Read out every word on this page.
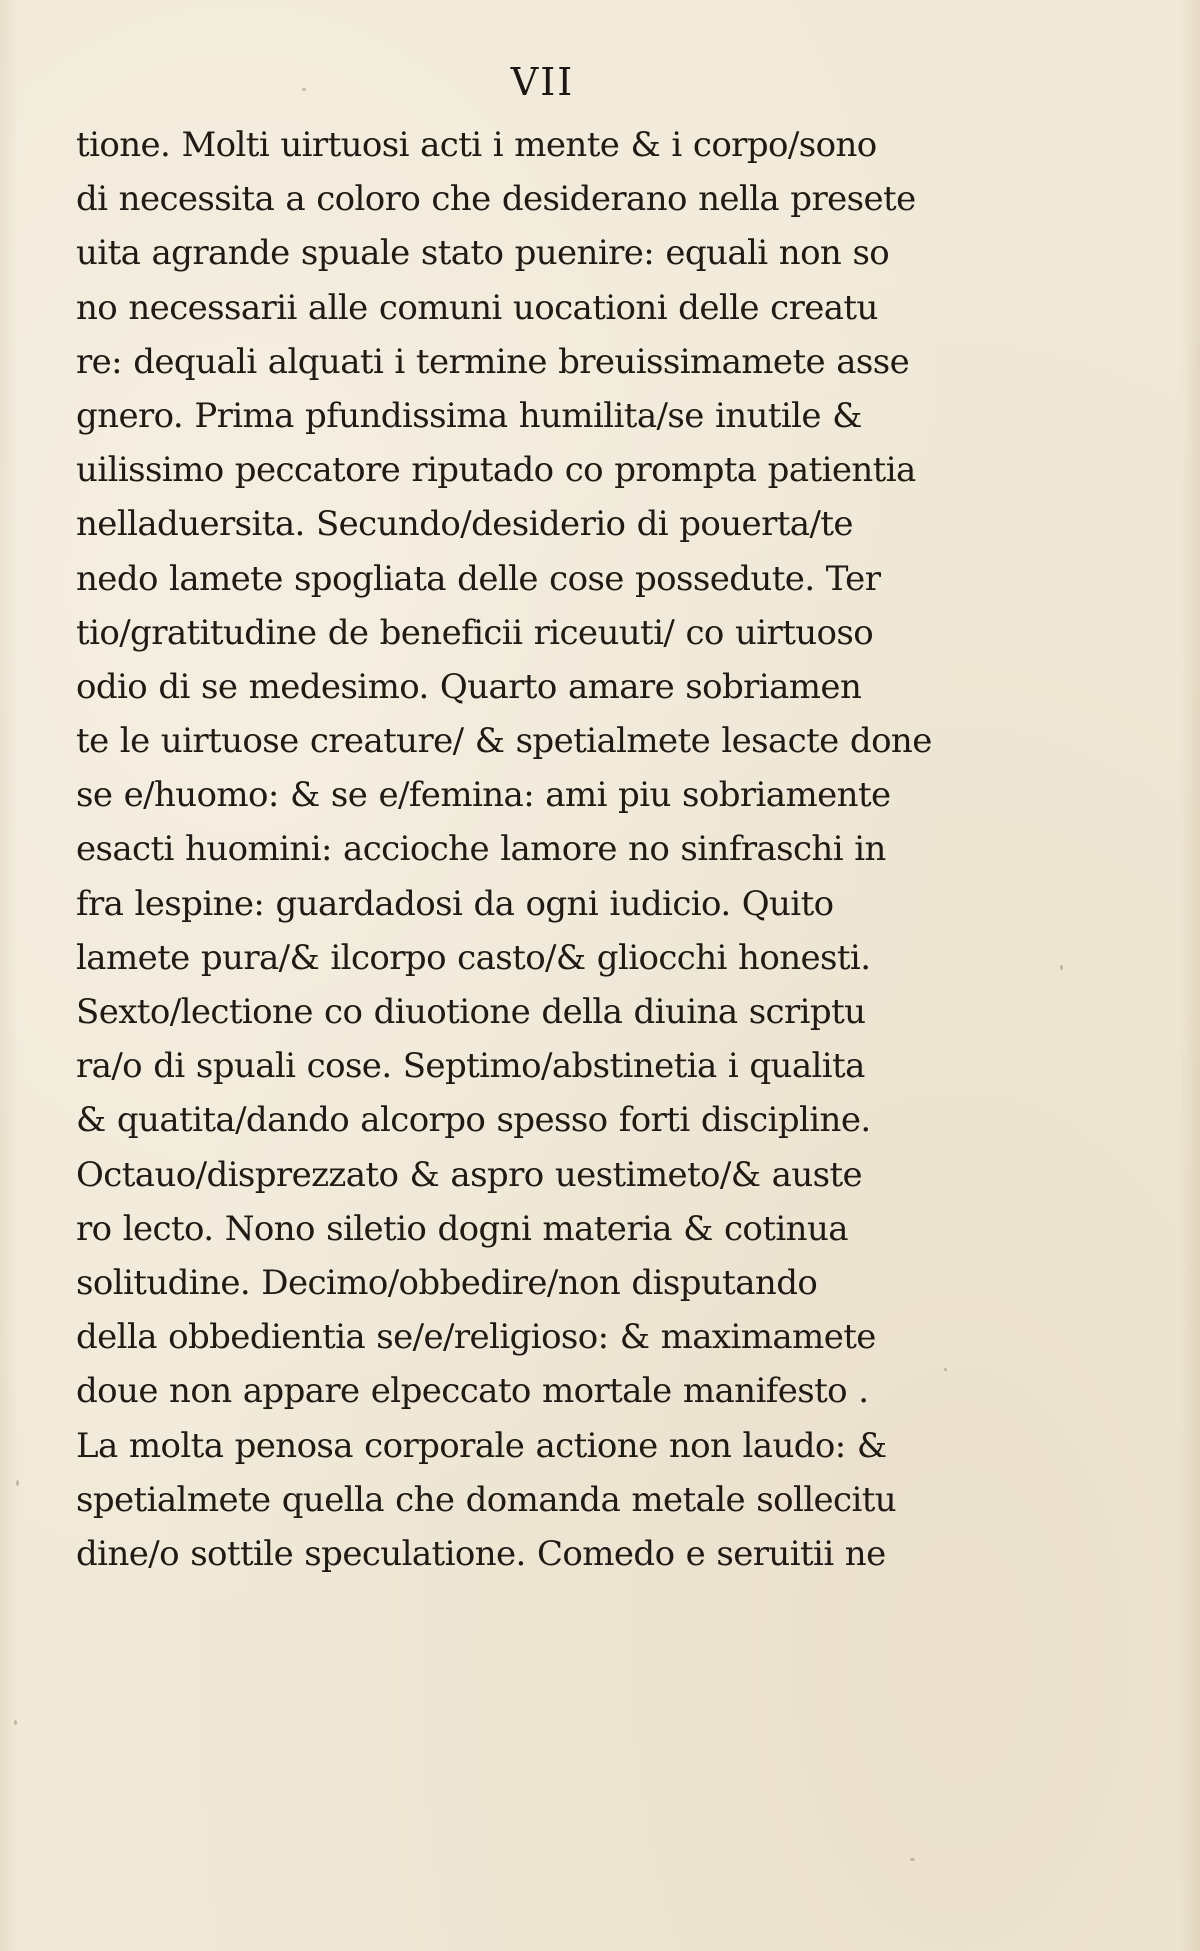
VII
tione. Molti uirtuosi acti i mente & i corpo/sono
di necessita a coloro che desiderano nella presete
uita agrande spuale stato puenire: equali non so
no necessarii alle comuni uocationi delle creatu
re: dequali alquati i termine breuissimamete asse
gnero. Prima pfundissima humilita/se inutile &
uilissimo peccatore riputado co prompta patientia
nelladuersita. Secundo/desiderio di pouerta/te
nedo lamete spogliata delle cose possedute. Ter
tio/gratitudine de beneficii riceuuti/ co uirtuoso
odio di se medesimo. Quarto amare sobriamen
te le uirtuose creature/ & spetialmete lesacte done
se e/huomo: & se e/femina: ami piu sobriamente
esacti huomini: accioche lamore no sinfraschi in
fra lespine: guardadosi da ogni iudicio. Quito
lamete pura/& ilcorpo casto/& gliocchi honesti.
Sexto/lectione co diuotione della diuina scriptu
ra/o di spuali cose. Septimo/abstinetia i qualita
& quatita/dando alcorpo spesso forti discipline.
Octauo/disprezzato & aspro uestimeto/& auste
ro lecto. Nono siletio dogni materia & cotinua
solitudine. Decimo/obbedire/non disputando
della obbedientia se/e/religioso: & maximamete
doue non appare elpeccato mortale manifesto .
La molta penosa corporale actione non laudo: &
spetialmete quella che domanda metale sollecitu
dine/o sottile speculatione. Comedo e seruitii ne
